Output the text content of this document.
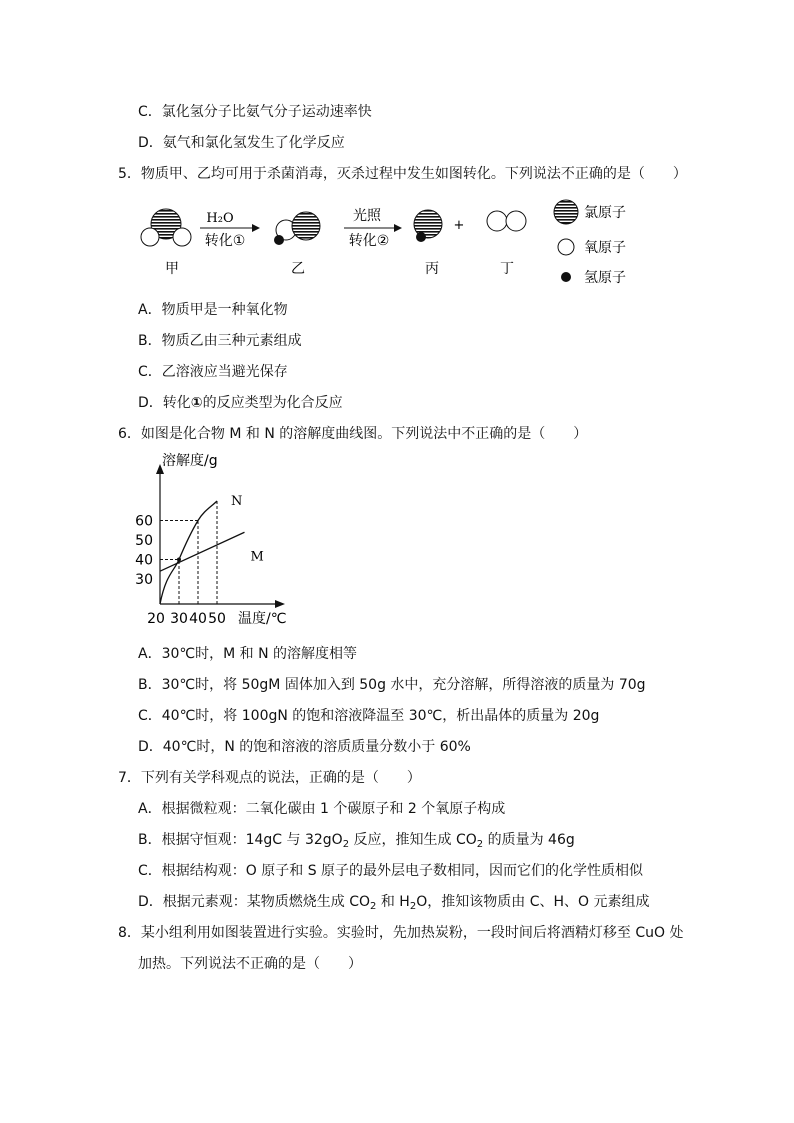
C．氯化氢分子比氨气分子运动速率快
D．氨气和氯化氢发生了化学反应
5．物质甲、乙均可用于杀菌消毒，灭杀过程中发生如图转化。下列说法不正确的是（　　）
甲
H₂O
转化①
乙
光照
转化②
丙
+
丁
氯原子
氧原子
氢原子
A．物质甲是一种氧化物
B．物质乙由三种元素组成
C．乙溶液应当避光保存
D．转化①的反应类型为化合反应
6．如图是化合物 M 和 N 的溶解度曲线图。下列说法中不正确的是（　　）
溶解度/g
温度/℃
N
M
20 30 40 50
30
40
50
60
A．30℃时，M 和 N 的溶解度相等
B．30℃时，将 50gM 固体加入到 50g 水中，充分溶解，所得溶液的质量为 70g
C．40℃时，将 100gN 的饱和溶液降温至 30℃，析出晶体的质量为 20g
D．40℃时，N 的饱和溶液的溶质质量分数小于 60%
7．下列有关学科观点的说法，正确的是（　　）
A．根据微粒观：二氧化碳由 1 个碳原子和 2 个氧原子构成
B．根据守恒观：14gC 与 $32gO_2$ 反应，推知生成 $CO_2$ 的质量为 46g
C．根据结构观：O 原子和 S 原子的最外层电子数相同，因而它们的化学性质相似
D．根据元素观：某物质燃烧生成 $CO_2$ 和 $H_2O$，推知该物质由 C、H、O 元素组成
8．某小组利用如图装置进行实验。实验时，先加热炭粉，一段时间后将酒精灯移至 CuO 处
加热。下列说法不正确的是（　　）
